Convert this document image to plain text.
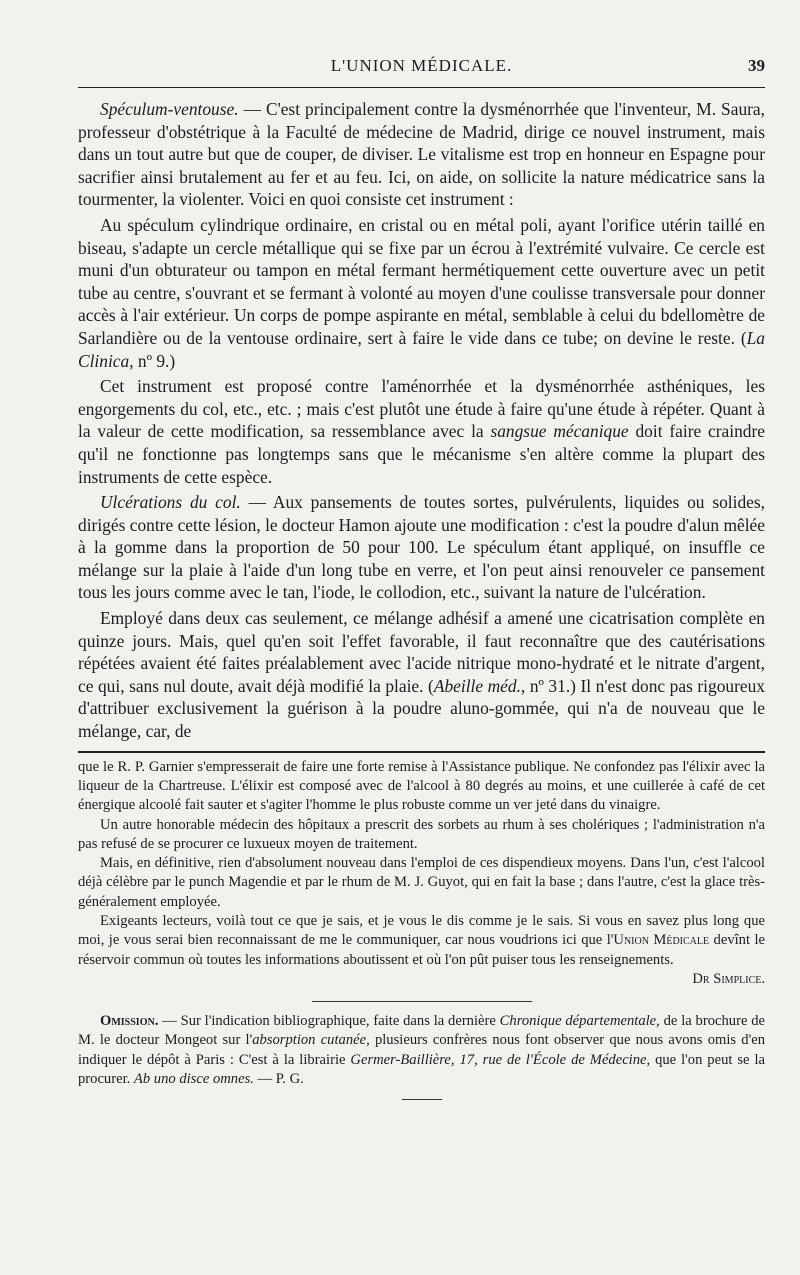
L'UNION MÉDICALE.	39

Spéculum-ventouse. — C'est principalement contre la dysménorrhée que l'inventeur, M. Saura, professeur d'obstétrique à la Faculté de médecine de Madrid, dirige ce nouvel instrument, mais dans un tout autre but que de couper, de diviser. Le vitalisme est trop en honneur en Espagne pour sacrifier ainsi brutalement au fer et au feu. Ici, on aide, on sollicite la nature médicatrice sans la tourmenter, la violenter. Voici en quoi consiste cet instrument :

Au spéculum cylindrique ordinaire, en cristal ou en métal poli, ayant l'orifice utérin taillé en biseau, s'adapte un cercle métallique qui se fixe par un écrou à l'extrémité vulvaire. Ce cercle est muni d'un obturateur ou tampon en métal fermant hermétiquement cette ouverture avec un petit tube au centre, s'ouvrant et se fermant à volonté au moyen d'une coulisse transversale pour donner accès à l'air extérieur. Un corps de pompe aspirante en métal, semblable à celui du bdellomètre de Sarlandière ou de la ventouse ordinaire, sert à faire le vide dans ce tube; on devine le reste. (La Clinica, nº 9.)

Cet instrument est proposé contre l'aménorrhée et la dysménorrhée asthéniques, les engorgements du col, etc., etc. ; mais c'est plutôt une étude à faire qu'une étude à répéter. Quant à la valeur de cette modification, sa ressemblance avec la sangsue mécanique doit faire craindre qu'il ne fonctionne pas longtemps sans que le mécanisme s'en altère comme la plupart des instruments de cette espèce.

Ulcérations du col. — Aux pansements de toutes sortes, pulvérulents, liquides ou solides, dirigés contre cette lésion, le docteur Hamon ajoute une modification : c'est la poudre d'alun mêlée à la gomme dans la proportion de 50 pour 100. Le spéculum étant appliqué, on insuffle ce mélange sur la plaie à l'aide d'un long tube en verre, et l'on peut ainsi renouveler ce pansement tous les jours comme avec le tan, l'iode, le collodion, etc., suivant la nature de l'ulcération.

Employé dans deux cas seulement, ce mélange adhésif a amené une cicatrisation complète en quinze jours. Mais, quel qu'en soit l'effet favorable, il faut reconnaître que des cautérisations répétées avaient été faites préalablement avec l'acide nitrique mono-hydraté et le nitrate d'argent, ce qui, sans nul doute, avait déjà modifié la plaie. (Abeille méd., nº 31.) Il n'est donc pas rigoureux d'attribuer exclusivement la guérison à la poudre aluno-gommée, qui n'a de nouveau que le mélange, car, de

que le R. P. Garnier s'empresserait de faire une forte remise à l'Assistance publique. Ne confondez pas l'élixir avec la liqueur de la Chartreuse. L'élixir est composé avec de l'alcool à 80 degrés au moins, et une cuillerée à café de cet énergique alcoolé fait sauter et s'agiter l'homme le plus robuste comme un ver jeté dans du vinaigre.

Un autre honorable médecin des hôpitaux a prescrit des sorbets au rhum à ses cholériques ; l'administration n'a pas refusé de se procurer ce luxueux moyen de traitement.

Mais, en définitive, rien d'absolument nouveau dans l'emploi de ces dispendieux moyens. Dans l'un, c'est l'alcool déjà célèbre par le punch Magendie et par le rhum de M. J. Guyot, qui en fait la base ; dans l'autre, c'est la glace très-généralement employée.

Exigeants lecteurs, voilà tout ce que je sais, et je vous le dis comme je le sais. Si vous en savez plus long que moi, je vous serai bien reconnaissant de me le communiquer, car nous voudrions ici que l'Union Médicale devînt le réservoir commun où toutes les informations aboutissent et où l'on pût puiser tous les renseignements.

Dr Simplice.

Omission. — Sur l'indication bibliographique, faite dans la dernière Chronique départementale, de la brochure de M. le docteur Mongeot sur l'absorption cutanée, plusieurs confrères nous font observer que nous avons omis d'en indiquer le dépôt à Paris : C'est à la librairie Germer-Baillière, 17, rue de l'École de Médecine, que l'on peut se la procurer. Ab uno disce omnes. — P. G.
